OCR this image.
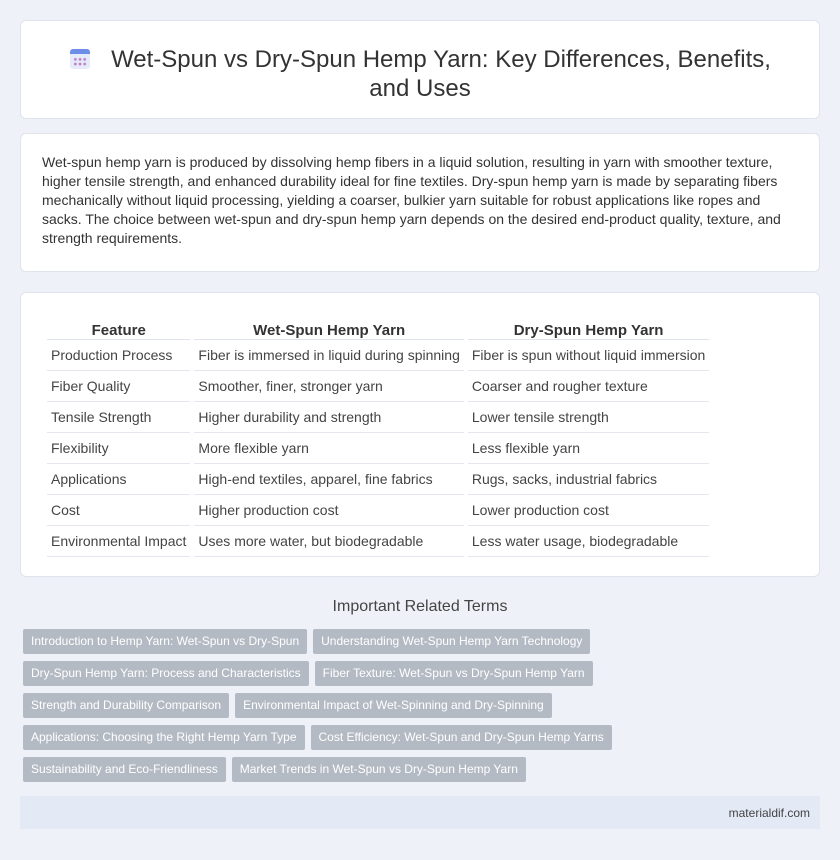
Wet-Spun vs Dry-Spun Hemp Yarn: Key Differences, Benefits, and Uses

Wet-spun hemp yarn is produced by dissolving hemp fibers in a liquid solution, resulting in yarn with smoother texture, higher tensile strength, and enhanced durability ideal for fine textiles. Dry-spun hemp yarn is made by separating fibers mechanically without liquid processing, yielding a coarser, bulkier yarn suitable for robust applications like ropes and sacks. The choice between wet-spun and dry-spun hemp yarn depends on the desired end-product quality, texture, and strength requirements.

Feature	Wet-Spun Hemp Yarn	Dry-Spun Hemp Yarn
Production Process	Fiber is immersed in liquid during spinning	Fiber is spun without liquid immersion
Fiber Quality	Smoother, finer, stronger yarn	Coarser and rougher texture
Tensile Strength	Higher durability and strength	Lower tensile strength
Flexibility	More flexible yarn	Less flexible yarn
Applications	High-end textiles, apparel, fine fabrics	Rugs, sacks, industrial fabrics
Cost	Higher production cost	Lower production cost
Environmental Impact	Uses more water, but biodegradable	Less water usage, biodegradable
Important Related Terms
Introduction to Hemp Yarn: Wet-Spun vs Dry-Spun Understanding Wet-Spun Hemp Yarn TechnologyDry-Spun Hemp Yarn: Process and Characteristics Fiber Texture: Wet-Spun vs Dry-Spun Hemp YarnStrength and Durability Comparison Environmental Impact of Wet-Spinning and Dry-SpinningApplications: Choosing the Right Hemp Yarn Type Cost Efficiency: Wet-Spun and Dry-Spun Hemp YarnsSustainability and Eco-Friendliness Market Trends in Wet-Spun vs Dry-Spun Hemp Yarn
materialdif.com
